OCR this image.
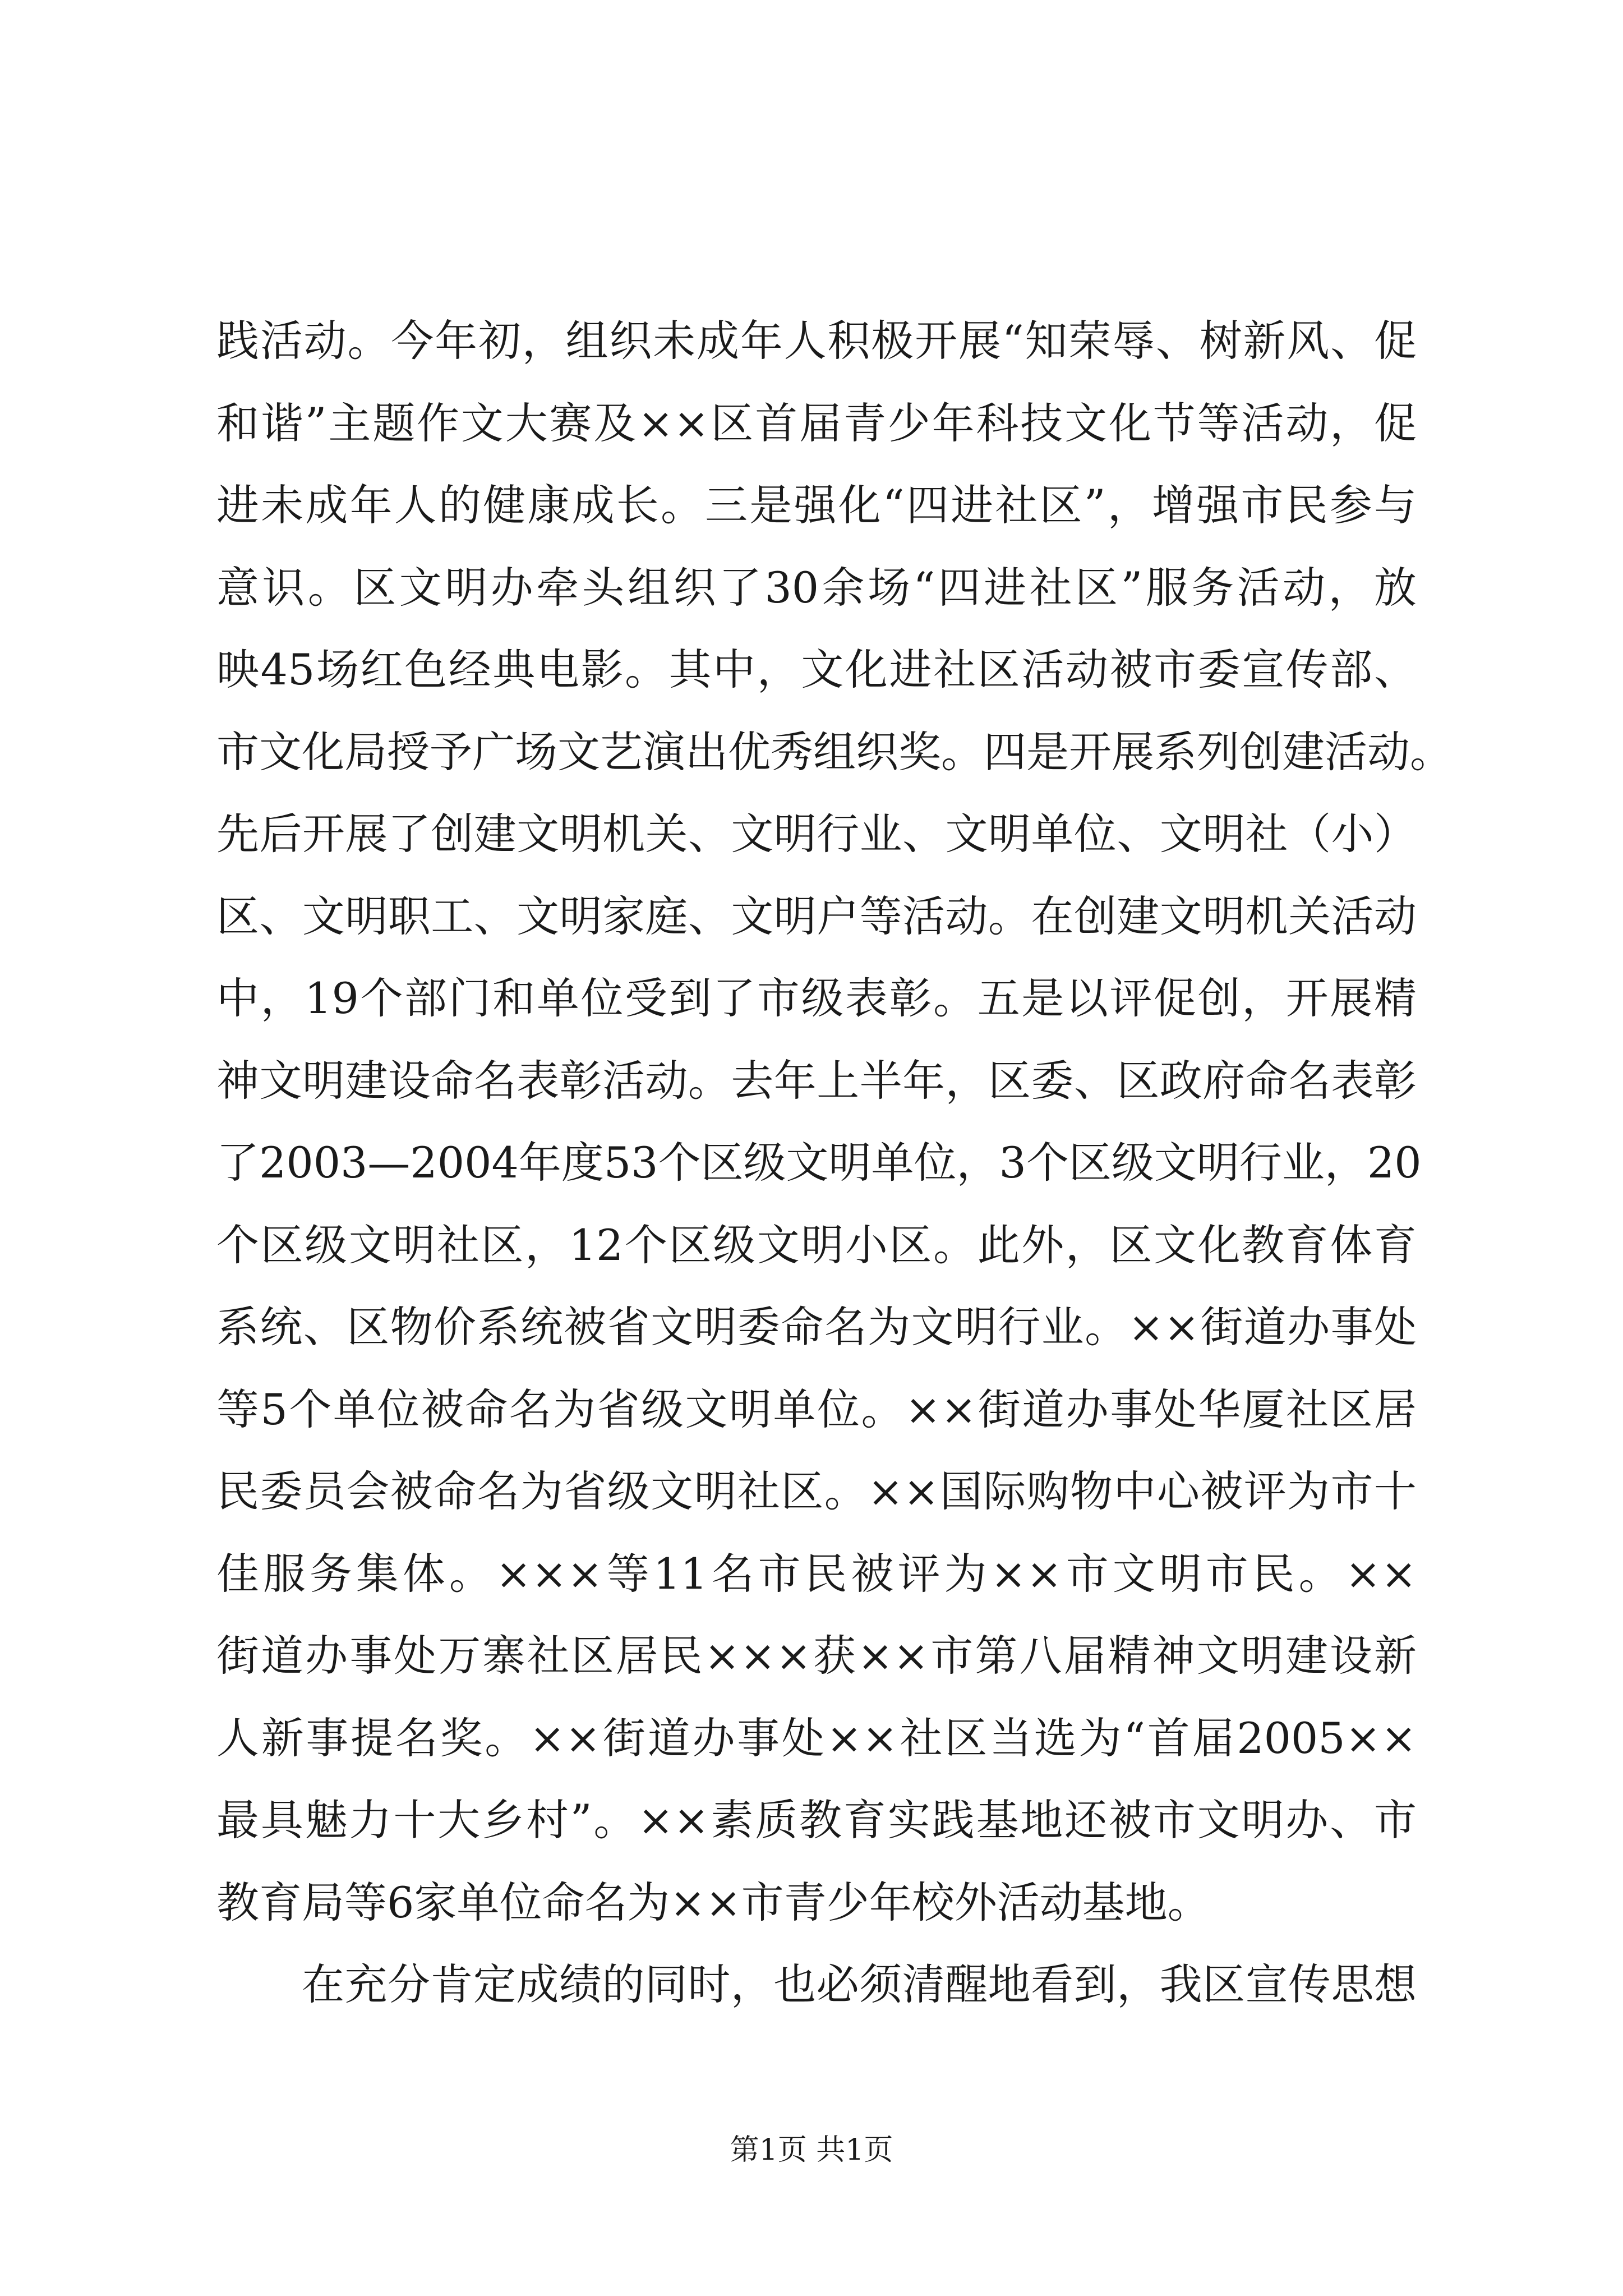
践活动。今年初，组织未成年人积极开展“知荣辱、树新风、促
和谐”主题作文大赛及××区首届青少年科技文化节等活动，促
进未成年人的健康成长。三是强化“四进社区”，增强市民参与
意识。区文明办牵头组织了30余场“四进社区”服务活动，放
映45场红色经典电影。其中，文化进社区活动被市委宣传部、
市文化局授予广场文艺演出优秀组织奖。四是开展系列创建活动。
先后开展了创建文明机关、文明行业、文明单位、文明社（小）
区、文明职工、文明家庭、文明户等活动。在创建文明机关活动
中，19个部门和单位受到了市级表彰。五是以评促创，开展精
神文明建设命名表彰活动。去年上半年，区委、区政府命名表彰
了2003—2004年度53个区级文明单位，3个区级文明行业，20
个区级文明社区，12个区级文明小区。此外，区文化教育体育
系统、区物价系统被省文明委命名为文明行业。××街道办事处
等5个单位被命名为省级文明单位。××街道办事处华厦社区居
民委员会被命名为省级文明社区。××国际购物中心被评为市十
佳服务集体。×××等11名市民被评为××市文明市民。××
街道办事处万寨社区居民×××获××市第八届精神文明建设新
人新事提名奖。××街道办事处××社区当选为“首届2005××
最具魅力十大乡村”。××素质教育实践基地还被市文明办、市
教育局等6家单位命名为××市青少年校外活动基地。
在充分肯定成绩的同时，也必须清醒地看到，我区宣传思想
第1页 共1页
